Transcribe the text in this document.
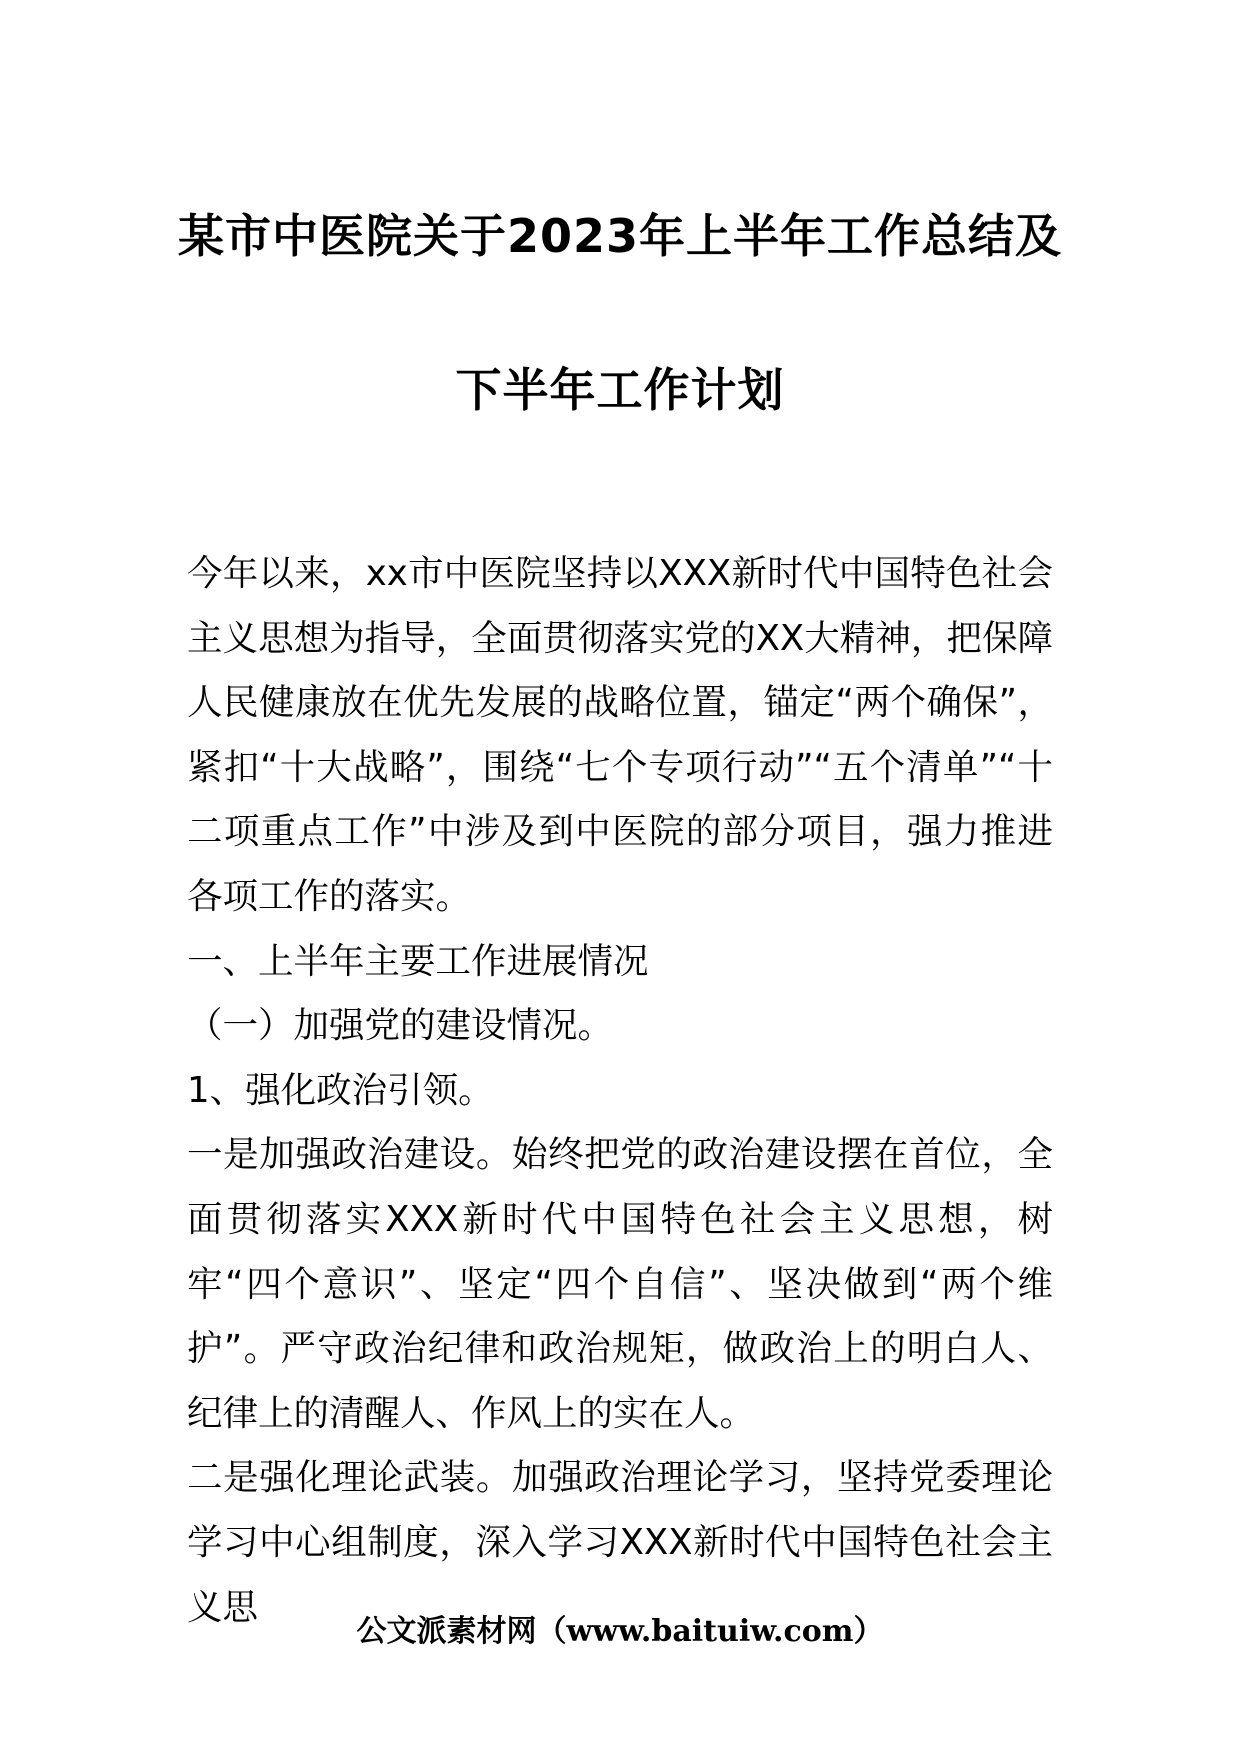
某市中医院关于2023年上半年工作总结及
下半年工作计划

今年以来，xx市中医院坚持以XXX新时代中国特色社会主义思想为指导，全面贯彻落实党的XX大精神，把保障人民健康放在优先发展的战略位置，锚定“两个确保”，紧扣“十大战略”，围绕“七个专项行动”“五个清单”“十二项重点工作”中涉及到中医院的部分项目，强力推进各项工作的落实。

一、上半年主要工作进展情况

（一）加强党的建设情况。

1、强化政治引领。

一是加强政治建设。始终把党的政治建设摆在首位，全面贯彻落实XXX新时代中国特色社会主义思想，树牢“四个意识”、坚定“四个自信”、坚决做到“两个维护”。严守政治纪律和政治规矩，做政治上的明白人、纪律上的清醒人、作风上的实在人。

二是强化理论武装。加强政治理论学习，坚持党委理论学习中心组制度，深入学习XXX新时代中国特色社会主义思

公文派素材网（www.baituiw.com）
